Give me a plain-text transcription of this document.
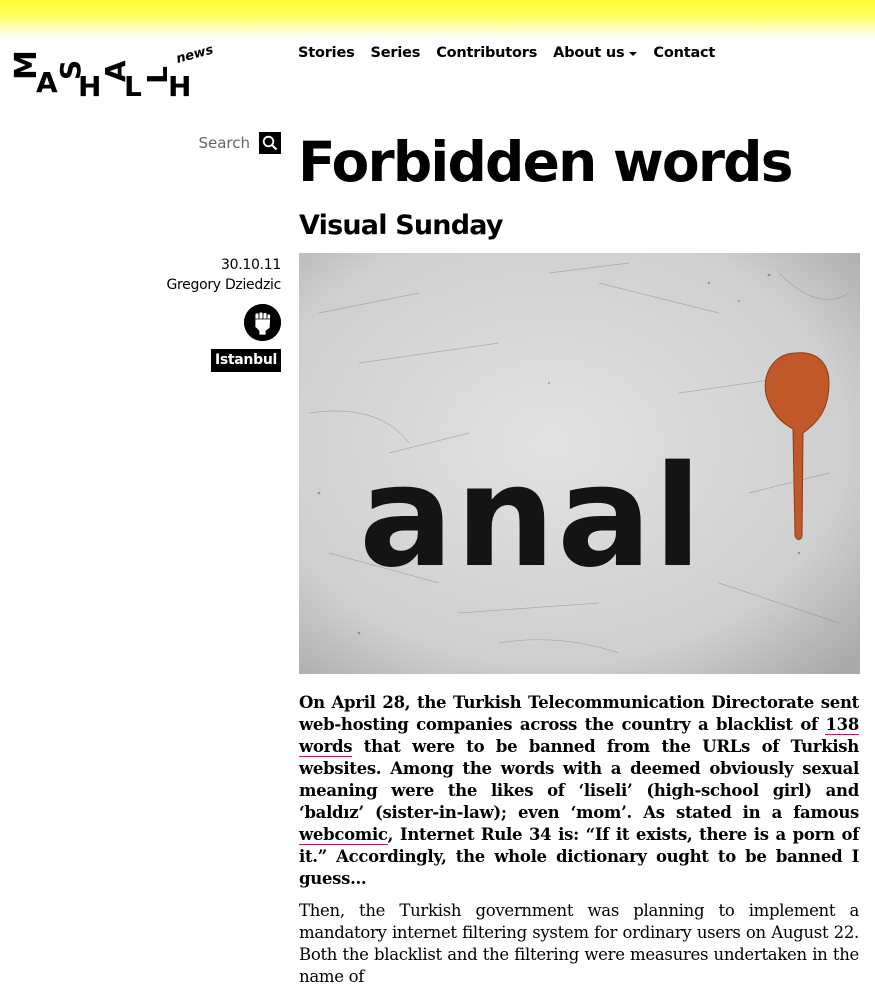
M
A
S
H
A
L L
H
news	Stories Series Contributors About us Contact
Search
30.10.11
Gregory Dziedzic
Istanbul
Forbidden words
Visual Sunday
anal

On April 28, the Turkish Telecommunication Directorate sent web-hosting companies across the country a blacklist of 138 words that were to be banned from the URLs of Turkish websites. Among the words with a deemed obviously sexual meaning were the likes of ‘liseli’ (high-school girl) and ‘baldız’ (sister-in-law); even ‘mom’. As stated in a famous webcomic, Internet Rule 34 is: “If it exists, there is a porn of it.” Accordingly, the whole dictionary ought to be banned I guess…

Then, the Turkish government was planning to implement a mandatory internet filtering system for ordinary users on August 22. Both the blacklist and the filtering were measures undertaken in the name of
